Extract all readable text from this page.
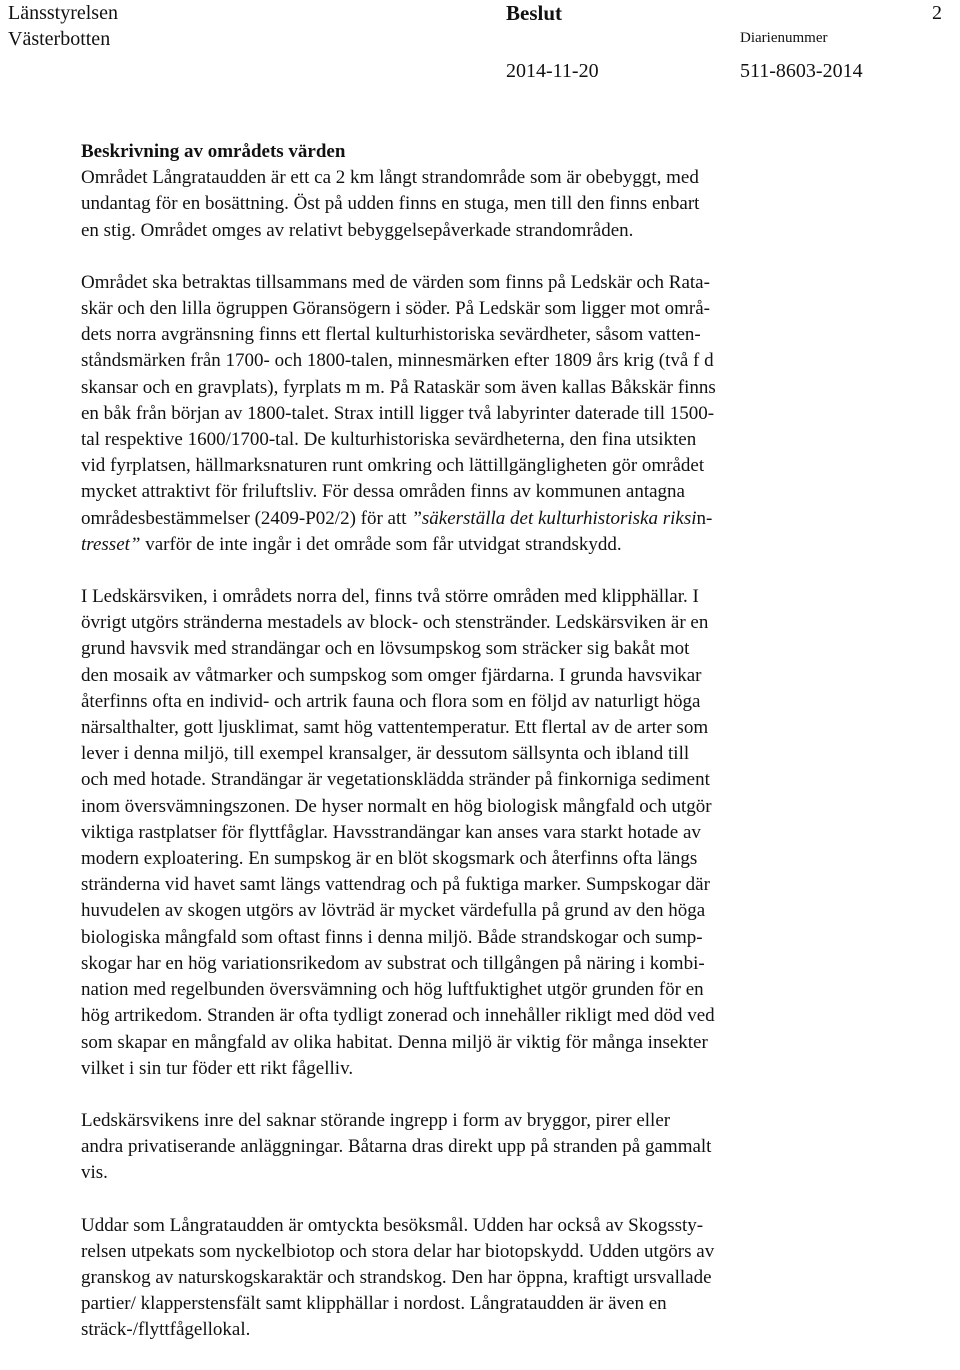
Länsstyrelsen
Västerbotten
Beslut	2
Diarienummer
2014-11-20	511-8603-2014
Beskrivning av områdets värden

Området Långrataudden är ett ca 2 km långt strandområde som är obebyggt, med
undantag för en bosättning. Öst på udden finns en stuga, men till den finns enbart
en stig. Området omges av relativt bebyggelsepåverkade strandområden.

Området ska betraktas tillsammans med de värden som finns på Ledskär och Rata-
skär och den lilla ögruppen Göransögern i söder. På Ledskär som ligger mot områ-
dets norra avgränsning finns ett flertal kulturhistoriska sevärdheter, såsom vatten-
ståndsmärken från 1700- och 1800-talen, minnesmärken efter 1809 års krig (två f d
skansar och en gravplats), fyrplats m m. På Rataskär som även kallas Båkskär finns
en båk från början av 1800-talet. Strax intill ligger två labyrinter daterade till 1500-
tal respektive 1600/1700-tal. De kulturhistoriska sevärdheterna, den fina utsikten
vid fyrplatsen, hällmarksnaturen runt omkring och lättillgängligheten gör området
mycket attraktivt för friluftsliv. För dessa områden finns av kommunen antagna
områdesbestämmelser (2409-P02/2) för att ”säkerställa det kulturhistoriska riksin-
tresset” varför de inte ingår i det område som får utvidgat strandskydd.

I Ledskärsviken, i områdets norra del, finns två större områden med klipphällar. I
övrigt utgörs stränderna mestadels av block- och stenstränder. Ledskärsviken är en
grund havsvik med strandängar och en lövsumpskog som sträcker sig bakåt mot
den mosaik av våtmarker och sumpskog som omger fjärdarna. I grunda havsvikar
återfinns ofta en individ- och artrik fauna och flora som en följd av naturligt höga
närsalthalter, gott ljusklimat, samt hög vattentemperatur. Ett flertal av de arter som
lever i denna miljö, till exempel kransalger, är dessutom sällsynta och ibland till
och med hotade. Strandängar är vegetationsklädda stränder på finkorniga sediment
inom översvämningszonen. De hyser normalt en hög biologisk mångfald och utgör
viktiga rastplatser för flyttfåglar. Havsstrandängar kan anses vara starkt hotade av
modern exploatering. En sumpskog är en blöt skogsmark och återfinns ofta längs
stränderna vid havet samt längs vattendrag och på fuktiga marker. Sumpskogar där
huvudelen av skogen utgörs av lövträd är mycket värdefulla på grund av den höga
biologiska mångfald som oftast finns i denna miljö. Både strandskogar och sump-
skogar har en hög variationsrikedom av substrat och tillgången på näring i kombi-
nation med regelbunden översvämning och hög luftfuktighet utgör grunden för en
hög artrikedom. Stranden är ofta tydligt zonerad och innehåller rikligt med död ved
som skapar en mångfald av olika habitat. Denna miljö är viktig för många insekter
vilket i sin tur föder ett rikt fågelliv.

Ledskärsvikens inre del saknar störande ingrepp i form av bryggor, pirer eller
andra privatiserande anläggningar. Båtarna dras direkt upp på stranden på gammalt
vis.

Uddar som Långrataudden är omtyckta besöksmål. Udden har också av Skogssty-
relsen utpekats som nyckelbiotop och stora delar har biotopskydd. Udden utgörs av
granskog av naturskogskaraktär och strandskog. Den har öppna, kraftigt ursvallade
partier/ klapperstensfält samt klipphällar i nordost. Långrataudden är även en
sträck-/flyttfågellokal.
